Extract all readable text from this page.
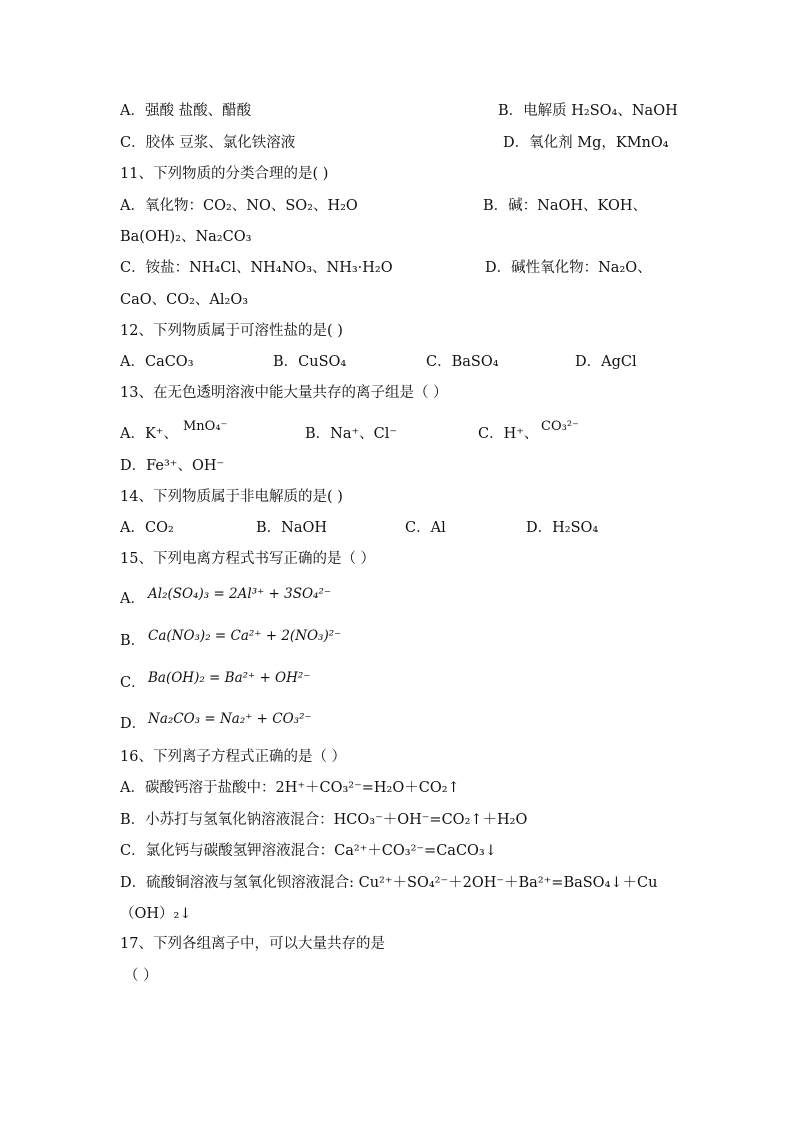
A．强酸 盐酸、醋酸	B．电解质 H₂SO₄、NaOH
C．胶体 豆浆、氯化铁溶液	D．氧化剂 Mg，KMnO₄
11、下列物质的分类合理的是( )
A．氧化物：CO₂、NO、SO₂、H₂O	B．碱：NaOH、KOH、
Ba(OH)₂、Na₂CO₃
C．铵盐：NH₄Cl、NH₄NO₃、NH₃·H₂O	D．碱性氧化物：Na₂O、
CaO、CO₂、Al₂O₃
12、下列物质属于可溶性盐的是( )
A．CaCO₃	B．CuSO₄	C．BaSO₄	D．AgCl
13、在无色透明溶液中能大量共存的离子组是（ ）
A．K⁺、 MnO₄⁻	B．Na⁺、Cl⁻	C．H⁺、 CO₃²⁻
D．Fe³⁺、OH⁻
14、下列物质属于非电解质的是( )
A．CO₂	B．NaOH	C．Al	D．H₂SO₄
15、下列电离方程式书写正确的是（ ）
A． Al₂(SO₄)₃ = 2Al³⁺ + 3SO₄²⁻
B． Ca(NO₃)₂ = Ca²⁺ + 2(NO₃)²⁻
C． Ba(OH)₂ = Ba²⁺ + OH²⁻
D． Na₂CO₃ = Na₂⁺ + CO₃²⁻
16、下列离子方程式正确的是（ ）
A．碳酸钙溶于盐酸中：2H⁺＋CO₃²⁻=H₂O＋CO₂↑
B．小苏打与氢氧化钠溶液混合：HCO₃⁻＋OH⁻=CO₂↑＋H₂O
C．氯化钙与碳酸氢钾溶液混合：Ca²⁺＋CO₃²⁻=CaCO₃↓
D．硫酸铜溶液与氢氧化钡溶液混合: Cu²⁺＋SO₄²⁻＋2OH⁻＋Ba²⁺=BaSO₄↓＋Cu
（OH）₂↓
17、下列各组离子中，可以大量共存的是
（ ）
